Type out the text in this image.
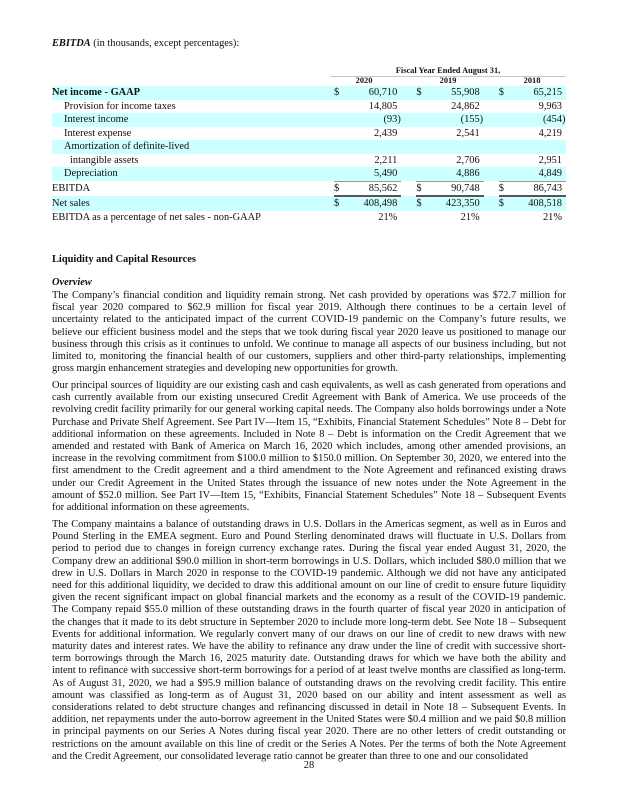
EBITDA (in thousands, except percentages):
Fiscal Year Ended August 31,
2020	2019	2018
Net income - GAAP	$	60,710			$	55,908			$	65,215	
Provision for income taxes		14,805				24,862				9,963	
Interest income		(93	)			(155	)			(454	)
Interest expense		2,439				2,541				4,219	
Amortization of definite-lived											
intangible assets		2,211				2,706				2,951	
Depreciation		5,490				4,886				4,849	
EBITDA	$	85,562			$	90,748			$	86,743	
Net sales	$	408,498			$	423,350			$	408,518	
EBITDA as a percentage of net sales - non-GAAP		21%				21%				21%	
Liquidity and Capital Resources
Overview

The Company’s financial condition and liquidity remain strong. Net cash provided by operations was $72.7 million for fiscal year 2020 compared to $62.9 million for fiscal year 2019. Although there continues to be a certain level of uncertainty related to the anticipated impact of the current COVID-19 pandemic on the Company’s future results, we believe our efficient business model and the steps that we took during fiscal year 2020 leave us positioned to manage our business through this crisis as it continues to unfold. We continue to manage all aspects of our business including, but not limited to, monitoring the financial health of our customers, suppliers and other third-party relationships, implementing gross margin enhancement strategies and developing new opportunities for growth.

Our principal sources of liquidity are our existing cash and cash equivalents, as well as cash generated from operations and cash currently available from our existing unsecured Credit Agreement with Bank of America. We use proceeds of the revolving credit facility primarily for our general working capital needs. The Company also holds borrowings under a Note Purchase and Private Shelf Agreement. See Part IV—Item 15, “Exhibits, Financial Statement Schedules” Note 8 – Debt for additional information on these agreements. Included in Note 8 – Debt is information on the Credit Agreement that we amended and restated with Bank of America on March 16, 2020 which includes, among other amended provisions, an increase in the revolving commitment from $100.0 million to $150.0 million. On September 30, 2020, we entered into the first amendment to the Credit agreement and a third amendment to the Note Agreement and refinanced existing draws under our Credit Agreement in the United States through the issuance of new notes under the Note Agreement in the amount of $52.0 million. See Part IV—Item 15, “Exhibits, Financial Statement Schedules” Note 18 – Subsequent Events for additional information on these agreements.

The Company maintains a balance of outstanding draws in U.S. Dollars in the Americas segment, as well as in Euros and Pound Sterling in the EMEA segment. Euro and Pound Sterling denominated draws will fluctuate in U.S. Dollars from period to period due to changes in foreign currency exchange rates. During the fiscal year ended August 31, 2020, the Company drew an additional $90.0 million in short-term borrowings in U.S. Dollars, which included $80.0 million that we drew in U.S. Dollars in March 2020 in response to the COVID-19 pandemic. Although we did not have any anticipated need for this additional liquidity, we decided to draw this additional amount on our line of credit to ensure future liquidity given the recent significant impact on global financial markets and the economy as a result of the COVID-19 pandemic. The Company repaid $55.0 million of these outstanding draws in the fourth quarter of fiscal year 2020 in anticipation of the changes that it made to its debt structure in September 2020 to include more long-term debt. See Note 18 – Subsequent Events for additional information. We regularly convert many of our draws on our line of credit to new draws with new maturity dates and interest rates. We have the ability to refinance any draw under the line of credit with successive short-term borrowings through the March 16, 2025 maturity date. Outstanding draws for which we have both the ability and intent to refinance with successive short-term borrowings for a period of at least twelve months are classified as long-term. As of August 31, 2020, we had a $95.9 million balance of outstanding draws on the revolving credit facility. This entire amount was classified as long-term as of August 31, 2020 based on our ability and intent assessment as well as considerations related to debt structure changes and refinancing discussed in detail in Note 18 – Subsequent Events. In addition, net repayments under the auto-borrow agreement in the United States were $0.4 million and we paid $0.8 million in principal payments on our Series A Notes during fiscal year 2020. There are no other letters of credit outstanding or restrictions on the amount available on this line of credit or the Series A Notes. Per the terms of both the Note Agreement and the Credit Agreement, our consolidated leverage ratio cannot be greater than three to one and our consolidated

28
